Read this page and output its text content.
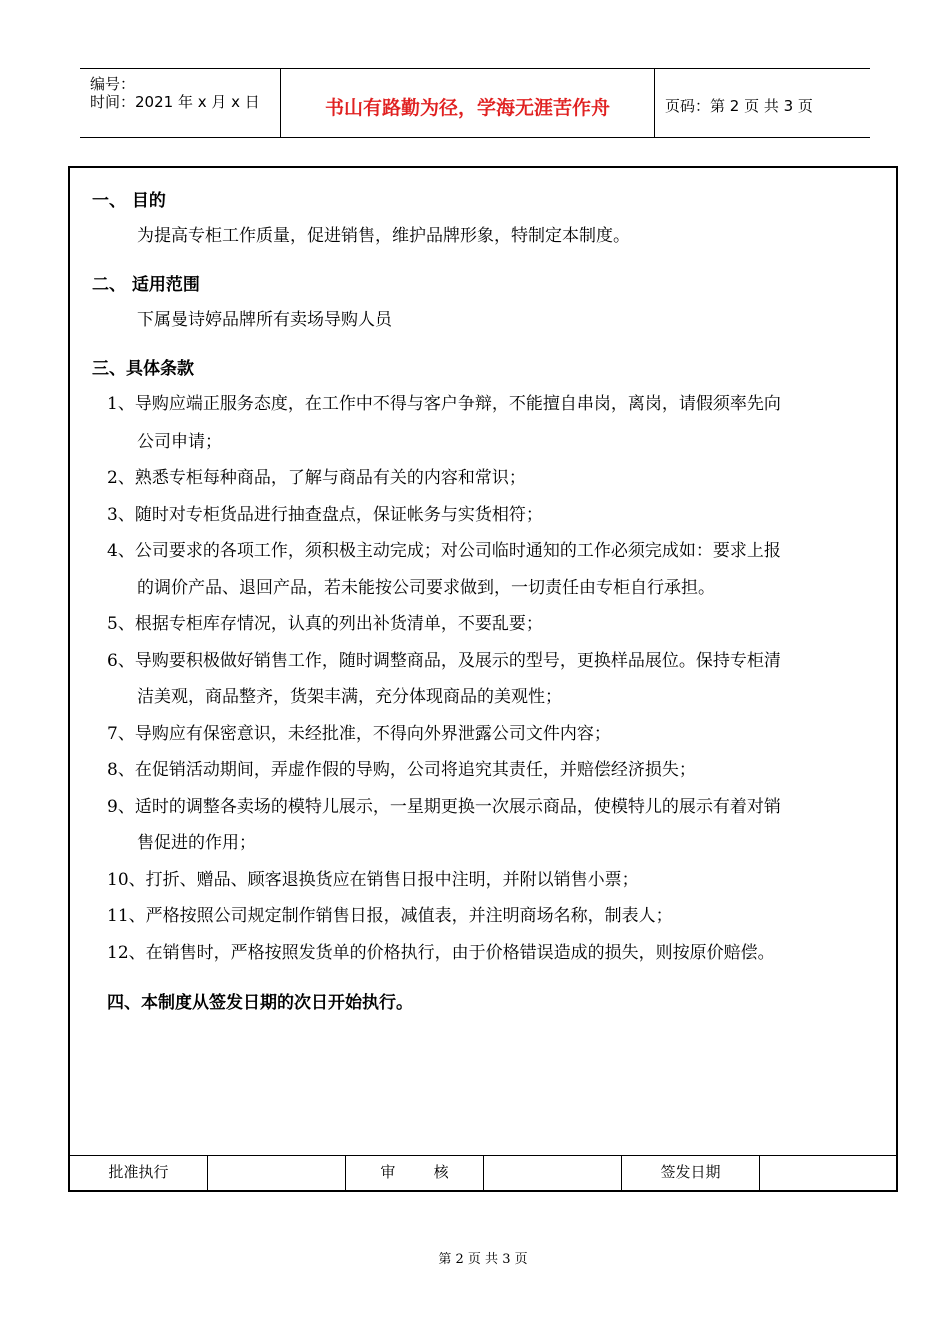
编号：
时间：2021 年 x 月 x 日	书山有路勤为径，学海无涯苦作舟	页码：第 2 页 共 3 页
一、 目的
为提高专柜工作质量，促进销售，维护品牌形象，特制定本制度。
二、 适用范围
下属曼诗婷品牌所有卖场导购人员
三、具体条款
1、导购应端正服务态度，在工作中不得与客户争辩，不能擅自串岗，离岗，请假须率先向
公司申请；
2、熟悉专柜每种商品，了解与商品有关的内容和常识；
3、随时对专柜货品进行抽查盘点，保证帐务与实货相符；
4、公司要求的各项工作，须积极主动完成；对公司临时通知的工作必须完成如：要求上报
的调价产品、退回产品，若未能按公司要求做到，一切责任由专柜自行承担。
5、根据专柜库存情况，认真的列出补货清单，不要乱要；
6、导购要积极做好销售工作，随时调整商品，及展示的型号，更换样品展位。保持专柜清
洁美观，商品整齐，货架丰满，充分体现商品的美观性；
7、导购应有保密意识，未经批准，不得向外界泄露公司文件内容；
8、在促销活动期间，弄虚作假的导购，公司将追究其责任，并赔偿经济损失；
9、适时的调整各卖场的模特儿展示，一星期更换一次展示商品，使模特儿的展示有着对销
售促进的作用；
10、打折、赠品、顾客退换货应在销售日报中注明，并附以销售小票；
11、严格按照公司规定制作销售日报，减值表，并注明商场名称，制表人；
12、在销售时，严格按照发货单的价格执行，由于价格错误造成的损失，则按原价赔偿。
四、本制度从签发日期的次日开始执行。
批准执行	审        核	签发日期
第 2 页 共 3 页
